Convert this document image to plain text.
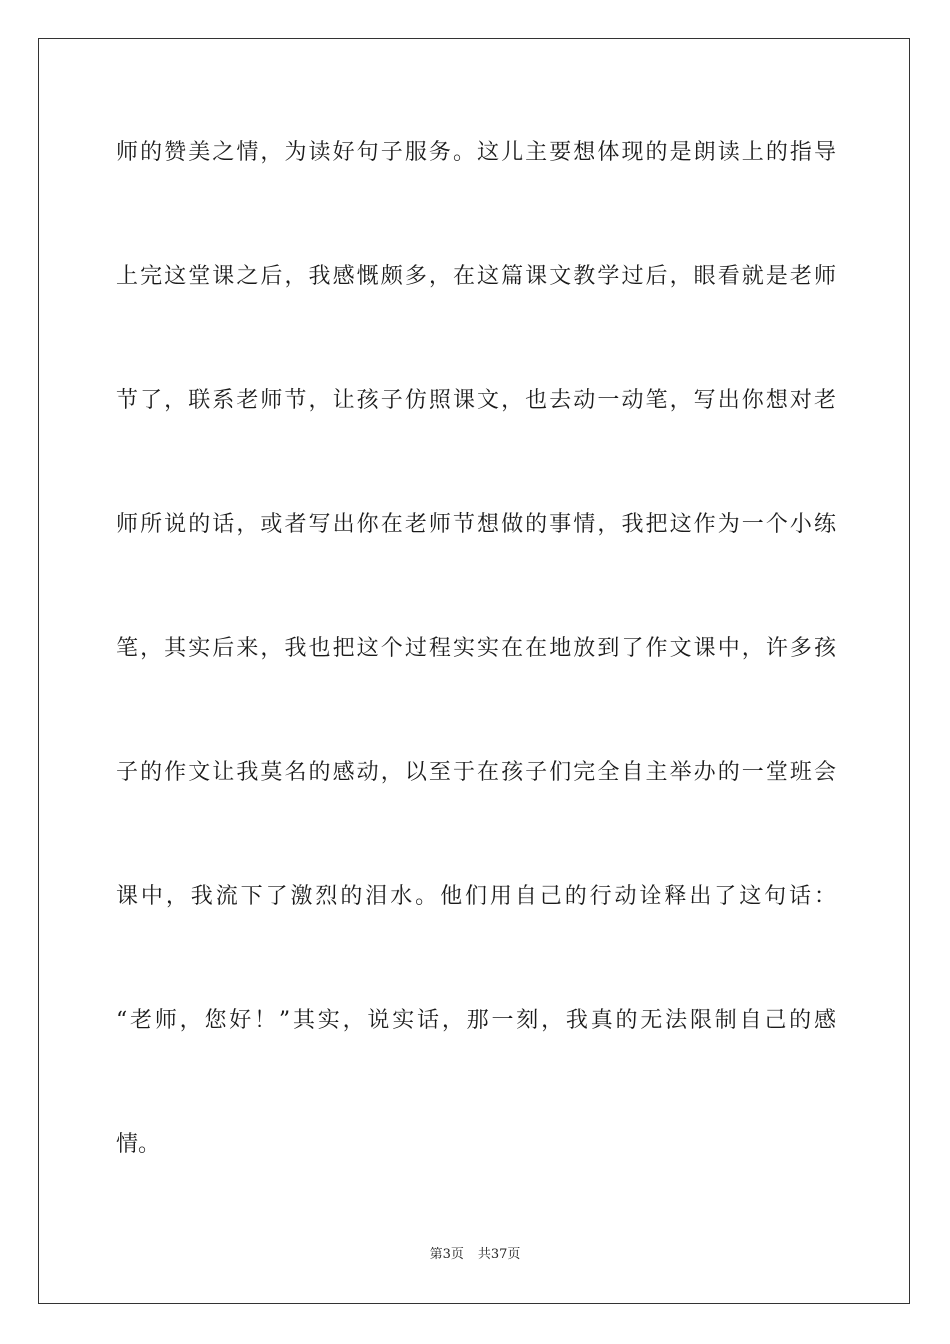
师的赞美之情，为读好句子服务。这儿主要想体现的是朗读上的指导
上完这堂课之后，我感慨颇多，在这篇课文教学过后，眼看就是老师
节了，联系老师节，让孩子仿照课文，也去动一动笔，写出你想对老
师所说的话，或者写出你在老师节想做的事情，我把这作为一个小练
笔，其实后来，我也把这个过程实实在在地放到了作文课中，许多孩
子的作文让我莫名的感动，以至于在孩子们完全自主举办的一堂班会
课中，我流下了激烈的泪水。他们用自己的行动诠释出了这句话：
“老师，您好！”其实，说实话，那一刻，我真的无法限制自己的感
情。
第3页 共37页
